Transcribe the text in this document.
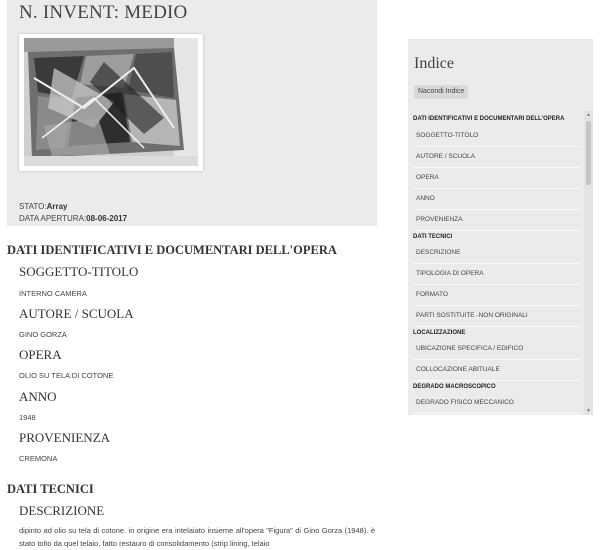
N. INVENT: MEDIO
STATO:Array
DATA APERTURA:08-06-2017
DATI IDENTIFICATIVI E DOCUMENTARI DELL'OPERA
SOGGETTO-TITOLO

INTERNO CAMERA

AUTORE / SCUOLA

GINO GORZA

OPERA

OLIO SU TELA DI COTONE

ANNO

1948

PROVENIENZA

CREMONA

DATI TECNICI
DESCRIZIONE

dipinto ad olio su tela di cotone. in origine era intelaiato insieme all'opera "Figura" di Gino Gorza (1948). è stato tolto da quel telaio, fatto restauro di consolidamento (strip lining, telaio

Indice
Nacondi Indice
DATI IDENTIFICATIVI E DOCUMENTARI DELL'OPERA
SOGGETTO-TITOLO
AUTORE / SCUOLA
OPERA
ANNO
PROVENIENZA
DATI TECNICI
DESCRIZIONE
TIPOLOGIA DI OPERA
FORMATO
PARTI SOSTITUITE -NON ORIGINALI
LOCALIZZAZIONE
UBICAZIONE SPECIFICA / EDIFICO
COLLOCAZIONE ABITUALE
DEGRADO MACROSCOPICO
DEGRADO FISICO MECCANICO
▲
▼
